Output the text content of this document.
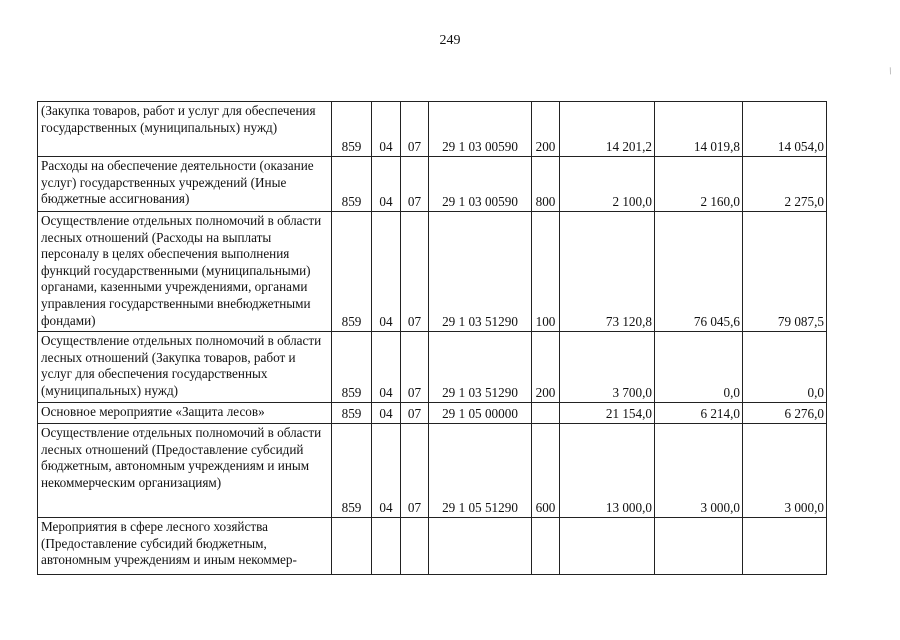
249
/
(Закупка товаров, работ и услуг для обеспечения государственных (муниципальных) нужд)	859	04	07	29 1 03 00590	200	14 201,2	14 019,8	14 054,0
Расходы на обеспечение деятельности (оказание услуг) государственных учреждений (Иные бюджетные ассигнования)	859	04	07	29 1 03 00590	800	2 100,0	2 160,0	2 275,0
Осуществление отдельных полномочий в области лесных отношений (Расходы на выплаты персоналу в целях обеспечения выполнения функций государственными (муниципальными) органами, казенными учреждениями, органами управления государственными внебюджетными фондами)	859	04	07	29 1 03 51290	100	73 120,8	76 045,6	79 087,5
Осуществление отдельных полномочий в области лесных отношений (Закупка товаров, работ и услуг для обеспечения государственных (муниципальных) нужд)	859	04	07	29 1 03 51290	200	3 700,0	0,0	0,0
Основное мероприятие «Защита лесов»	859	04	07	29 1 05 00000		21 154,0	6 214,0	6 276,0
Осуществление отдельных полномочий в области лесных отношений (Предоставление субсидий бюджетным, автономным учреждениям и иным некоммерческим организациям)	859	04	07	29 1 05 51290	600	13 000,0	3 000,0	3 000,0
Мероприятия в сфере лесного хозяйства (Предоставление субсидий бюджетным, автономным учреждениям и иным некоммер-								
